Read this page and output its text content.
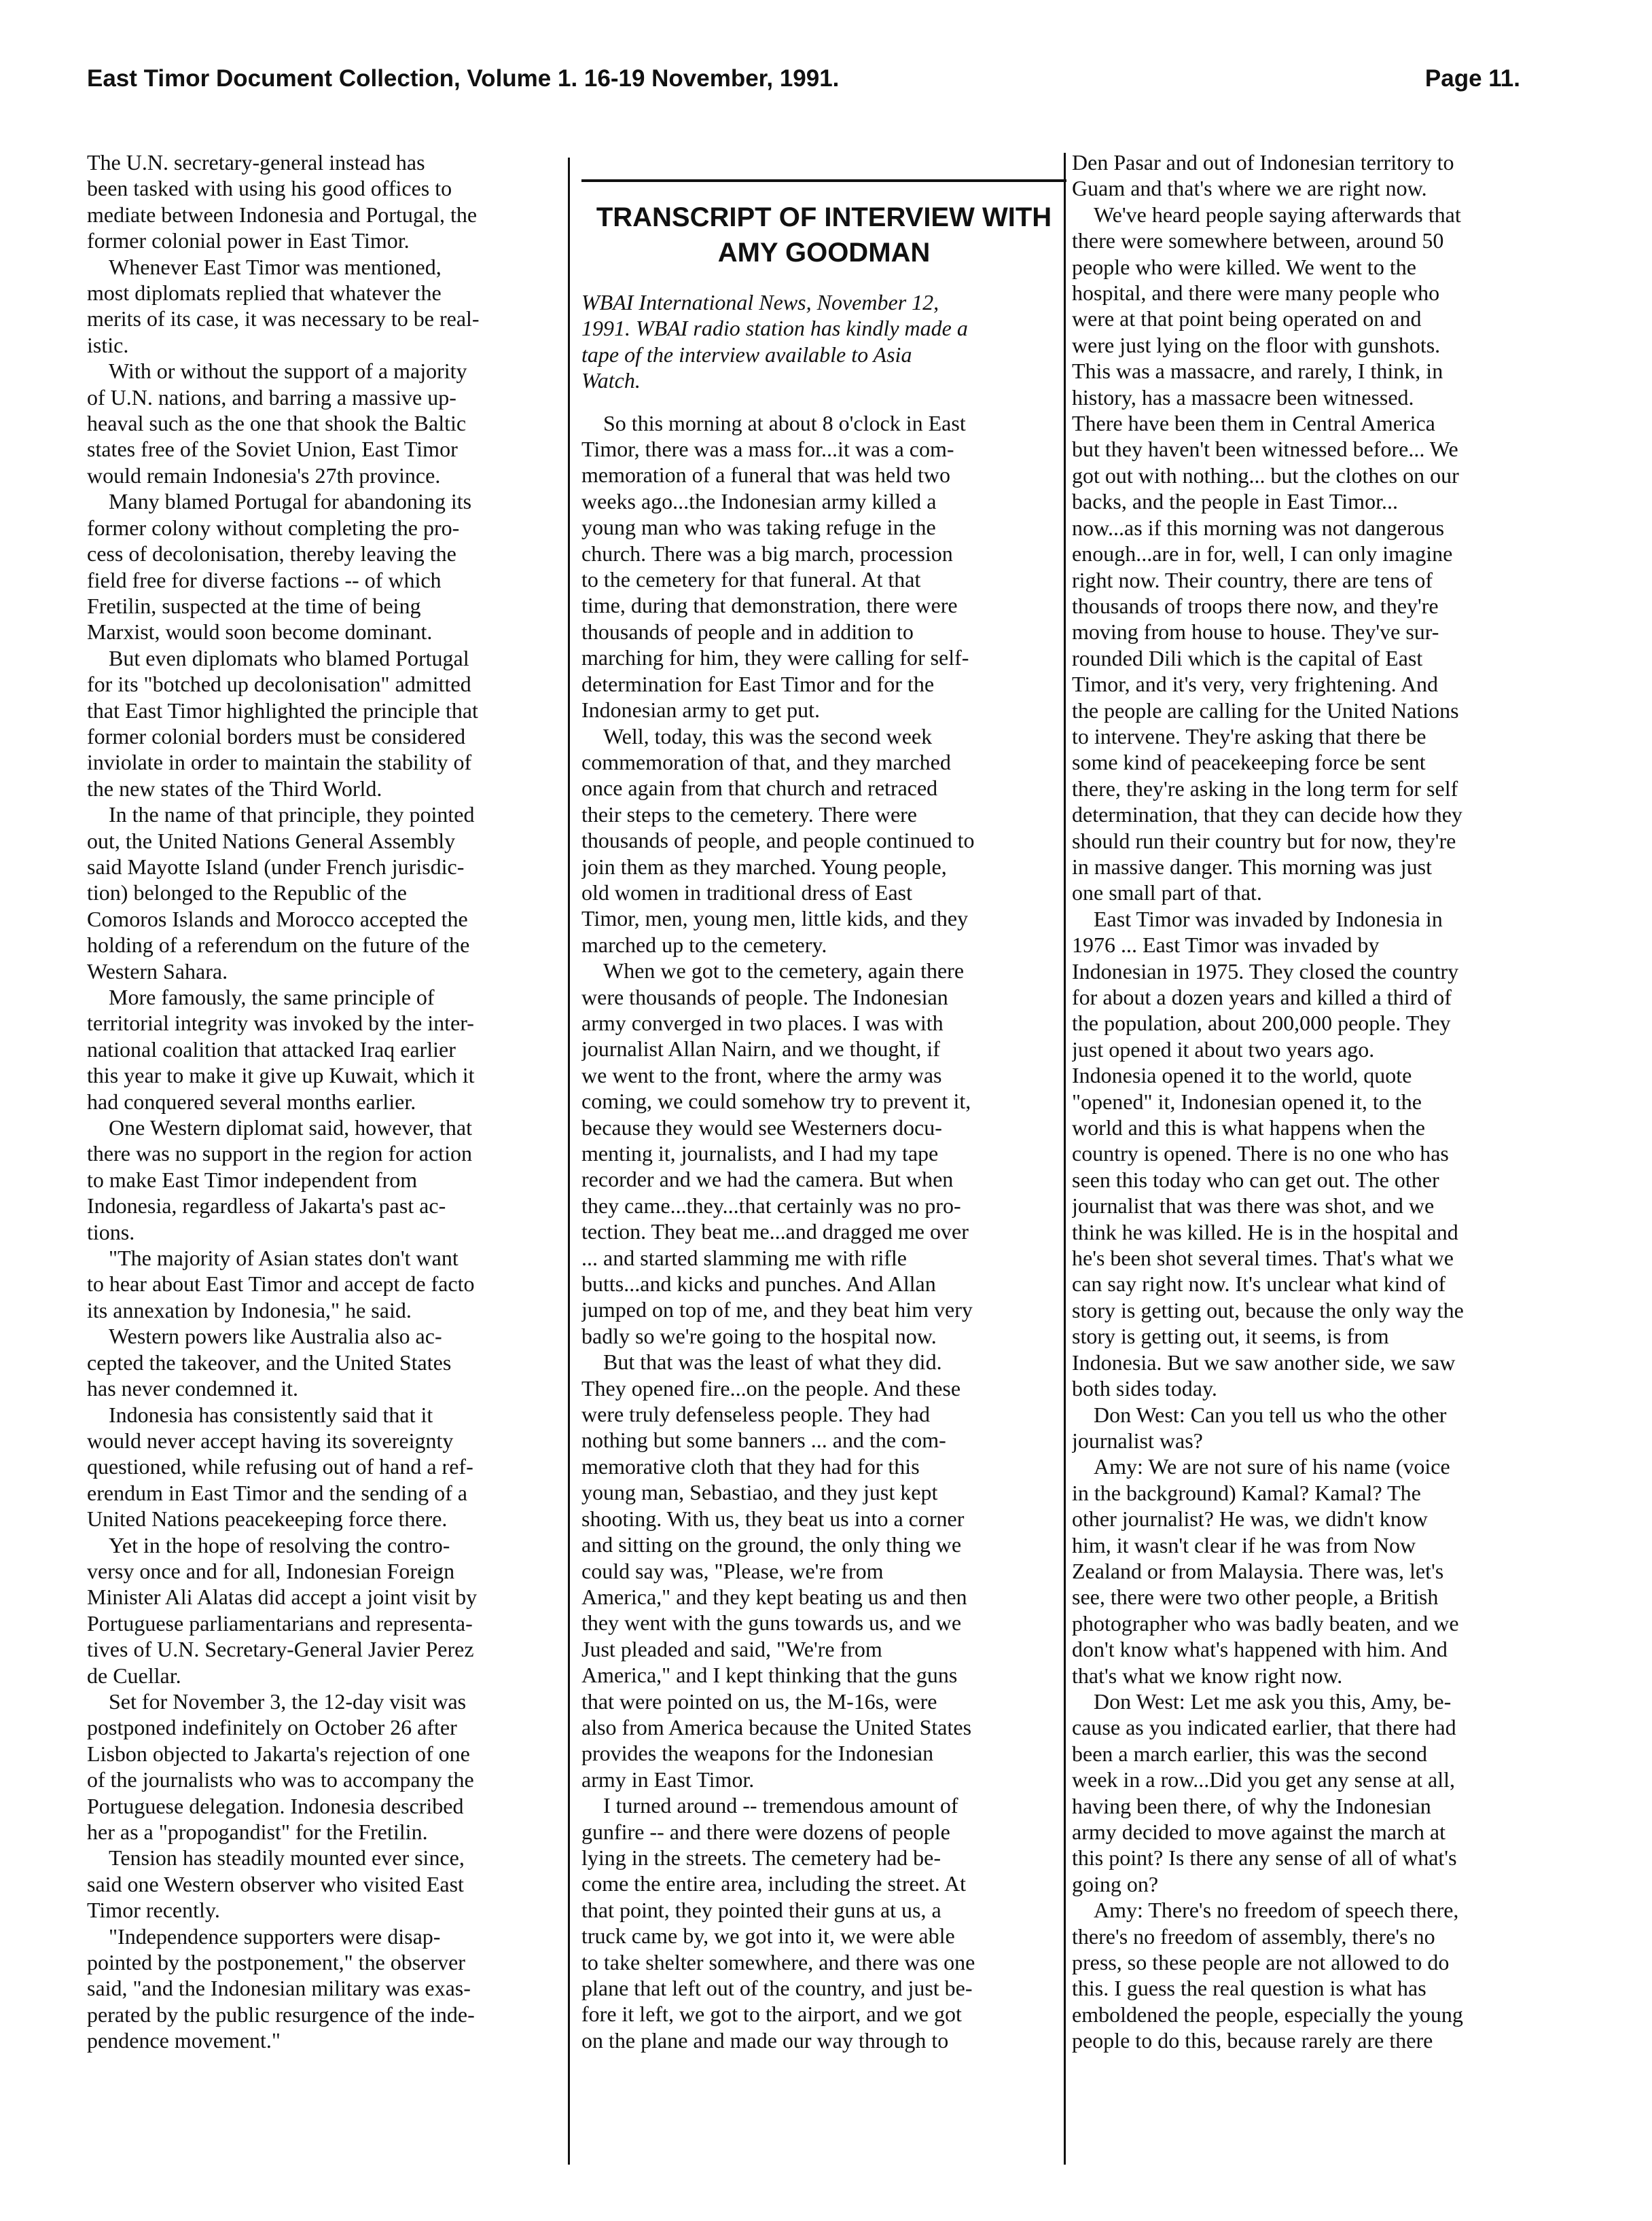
East Timor Document Collection, Volume 1. 16-19 November, 1991.	Page 11.

The U.N. secretary-general instead has
been tasked with using his good offices to
mediate between Indonesia and Portugal, the
former colonial power in East Timor.

Whenever East Timor was mentioned,
most diplomats replied that whatever the
merits of its case, it was necessary to be real-
istic.

With or without the support of a majority
of U.N. nations, and barring a massive up-
heaval such as the one that shook the Baltic
states free of the Soviet Union, East Timor
would remain Indonesia's 27th province.

Many blamed Portugal for abandoning its
former colony without completing the pro-
cess of decolonisation, thereby leaving the
field free for diverse factions -- of which
Fretilin, suspected at the time of being
Marxist, would soon become dominant.

But even diplomats who blamed Portugal
for its "botched up decolonisation" admitted
that East Timor highlighted the principle that
former colonial borders must be considered
inviolate in order to maintain the stability of
the new states of the Third World.

In the name of that principle, they pointed
out, the United Nations General Assembly
said Mayotte Island (under French jurisdic-
tion) belonged to the Republic of the
Comoros Islands and Morocco accepted the
holding of a referendum on the future of the
Western Sahara.

More famously, the same principle of
territorial integrity was invoked by the inter-
national coalition that attacked Iraq earlier
this year to make it give up Kuwait, which it
had conquered several months earlier.

One Western diplomat said, however, that
there was no support in the region for action
to make East Timor independent from
Indonesia, regardless of Jakarta's past ac-
tions.

"The majority of Asian states don't want
to hear about East Timor and accept de facto
its annexation by Indonesia," he said.

Western powers like Australia also ac-
cepted the takeover, and the United States
has never condemned it.

Indonesia has consistently said that it
would never accept having its sovereignty
questioned, while refusing out of hand a ref-
erendum in East Timor and the sending of a
United Nations peacekeeping force there.

Yet in the hope of resolving the contro-
versy once and for all, Indonesian Foreign
Minister Ali Alatas did accept a joint visit by
Portuguese parliamentarians and representa-
tives of U.N. Secretary-General Javier Perez
de Cuellar.

Set for November 3, the 12-day visit was
postponed indefinitely on October 26 after
Lisbon objected to Jakarta's rejection of one
of the journalists who was to accompany the
Portuguese delegation. Indonesia described
her as a "propogandist" for the Fretilin.

Tension has steadily mounted ever since,
said one Western observer who visited East
Timor recently.

"Independence supporters were disap-
pointed by the postponement," the observer
said, "and the Indonesian military was exas-
perated by the public resurgence of the inde-
pendence movement."

TRANSCRIPT OF INTERVIEW WITH
AMY GOODMAN

WBAI International News, November 12,
1991. WBAI radio station has kindly made a
tape of the interview available to Asia
Watch.

So this morning at about 8 o'clock in East
Timor, there was a mass for...it was a com-
memoration of a funeral that was held two
weeks ago...the Indonesian army killed a
young man who was taking refuge in the
church. There was a big march, procession
to the cemetery for that funeral. At that
time, during that demonstration, there were
thousands of people and in addition to
marching for him, they were calling for self-
determination for East Timor and for the
Indonesian army to get put.

Well, today, this was the second week
commemoration of that, and they marched
once again from that church and retraced
their steps to the cemetery. There were
thousands of people, and people continued to
join them as they marched. Young people,
old women in traditional dress of East
Timor, men, young men, little kids, and they
marched up to the cemetery.

When we got to the cemetery, again there
were thousands of people. The Indonesian
army converged in two places. I was with
journalist Allan Nairn, and we thought, if
we went to the front, where the army was
coming, we could somehow try to prevent it,
because they would see Westerners docu-
menting it, journalists, and I had my tape
recorder and we had the camera. But when
they came...they...that certainly was no pro-
tection. They beat me...and dragged me over
... and started slamming me with rifle
butts...and kicks and punches. And Allan
jumped on top of me, and they beat him very
badly so we're going to the hospital now.

But that was the least of what they did.
They opened fire...on the people. And these
were truly defenseless people. They had
nothing but some banners ... and the com-
memorative cloth that they had for this
young man, Sebastiao, and they just kept
shooting. With us, they beat us into a corner
and sitting on the ground, the only thing we
could say was, "Please, we're from
America," and they kept beating us and then
they went with the guns towards us, and we
Just pleaded and said, "We're from
America," and I kept thinking that the guns
that were pointed on us, the M-16s, were
also from America because the United States
provides the weapons for the Indonesian
army in East Timor.

I turned around -- tremendous amount of
gunfire -- and there were dozens of people
lying in the streets. The cemetery had be-
come the entire area, including the street. At
that point, they pointed their guns at us, a
truck came by, we got into it, we were able
to take shelter somewhere, and there was one
plane that left out of the country, and just be-
fore it left, we got to the airport, and we got
on the plane and made our way through to

Den Pasar and out of Indonesian territory to
Guam and that's where we are right now.

We've heard people saying afterwards that
there were somewhere between, around 50
people who were killed. We went to the
hospital, and there were many people who
were at that point being operated on and
were just lying on the floor with gunshots.
This was a massacre, and rarely, I think, in
history, has a massacre been witnessed.
There have been them in Central America
but they haven't been witnessed before... We
got out with nothing... but the clothes on our
backs, and the people in East Timor...
now...as if this morning was not dangerous
enough...are in for, well, I can only imagine
right now. Their country, there are tens of
thousands of troops there now, and they're
moving from house to house. They've sur-
rounded Dili which is the capital of East
Timor, and it's very, very frightening. And
the people are calling for the United Nations
to intervene. They're asking that there be
some kind of peacekeeping force be sent
there, they're asking in the long term for self
determination, that they can decide how they
should run their country but for now, they're
in massive danger. This morning was just
one small part of that.

East Timor was invaded by Indonesia in
1976 ... East Timor was invaded by
Indonesian in 1975. They closed the country
for about a dozen years and killed a third of
the population, about 200,000 people. They
just opened it about two years ago.
Indonesia opened it to the world, quote
"opened" it, Indonesian opened it, to the
world and this is what happens when the
country is opened. There is no one who has
seen this today who can get out. The other
journalist that was there was shot, and we
think he was killed. He is in the hospital and
he's been shot several times. That's what we
can say right now. It's unclear what kind of
story is getting out, because the only way the
story is getting out, it seems, is from
Indonesia. But we saw another side, we saw
both sides today.

Don West: Can you tell us who the other
journalist was?

Amy: We are not sure of his name (voice
in the background) Kamal? Kamal? The
other journalist? He was, we didn't know
him, it wasn't clear if he was from Now
Zealand or from Malaysia. There was, let's
see, there were two other people, a British
photographer who was badly beaten, and we
don't know what's happened with him. And
that's what we know right now.

Don West: Let me ask you this, Amy, be-
cause as you indicated earlier, that there had
been a march earlier, this was the second
week in a row...Did you get any sense at all,
having been there, of why the Indonesian
army decided to move against the march at
this point? Is there any sense of all of what's
going on?

Amy: There's no freedom of speech there,
there's no freedom of assembly, there's no
press, so these people are not allowed to do
this. I guess the real question is what has
emboldened the people, especially the young
people to do this, because rarely are there
